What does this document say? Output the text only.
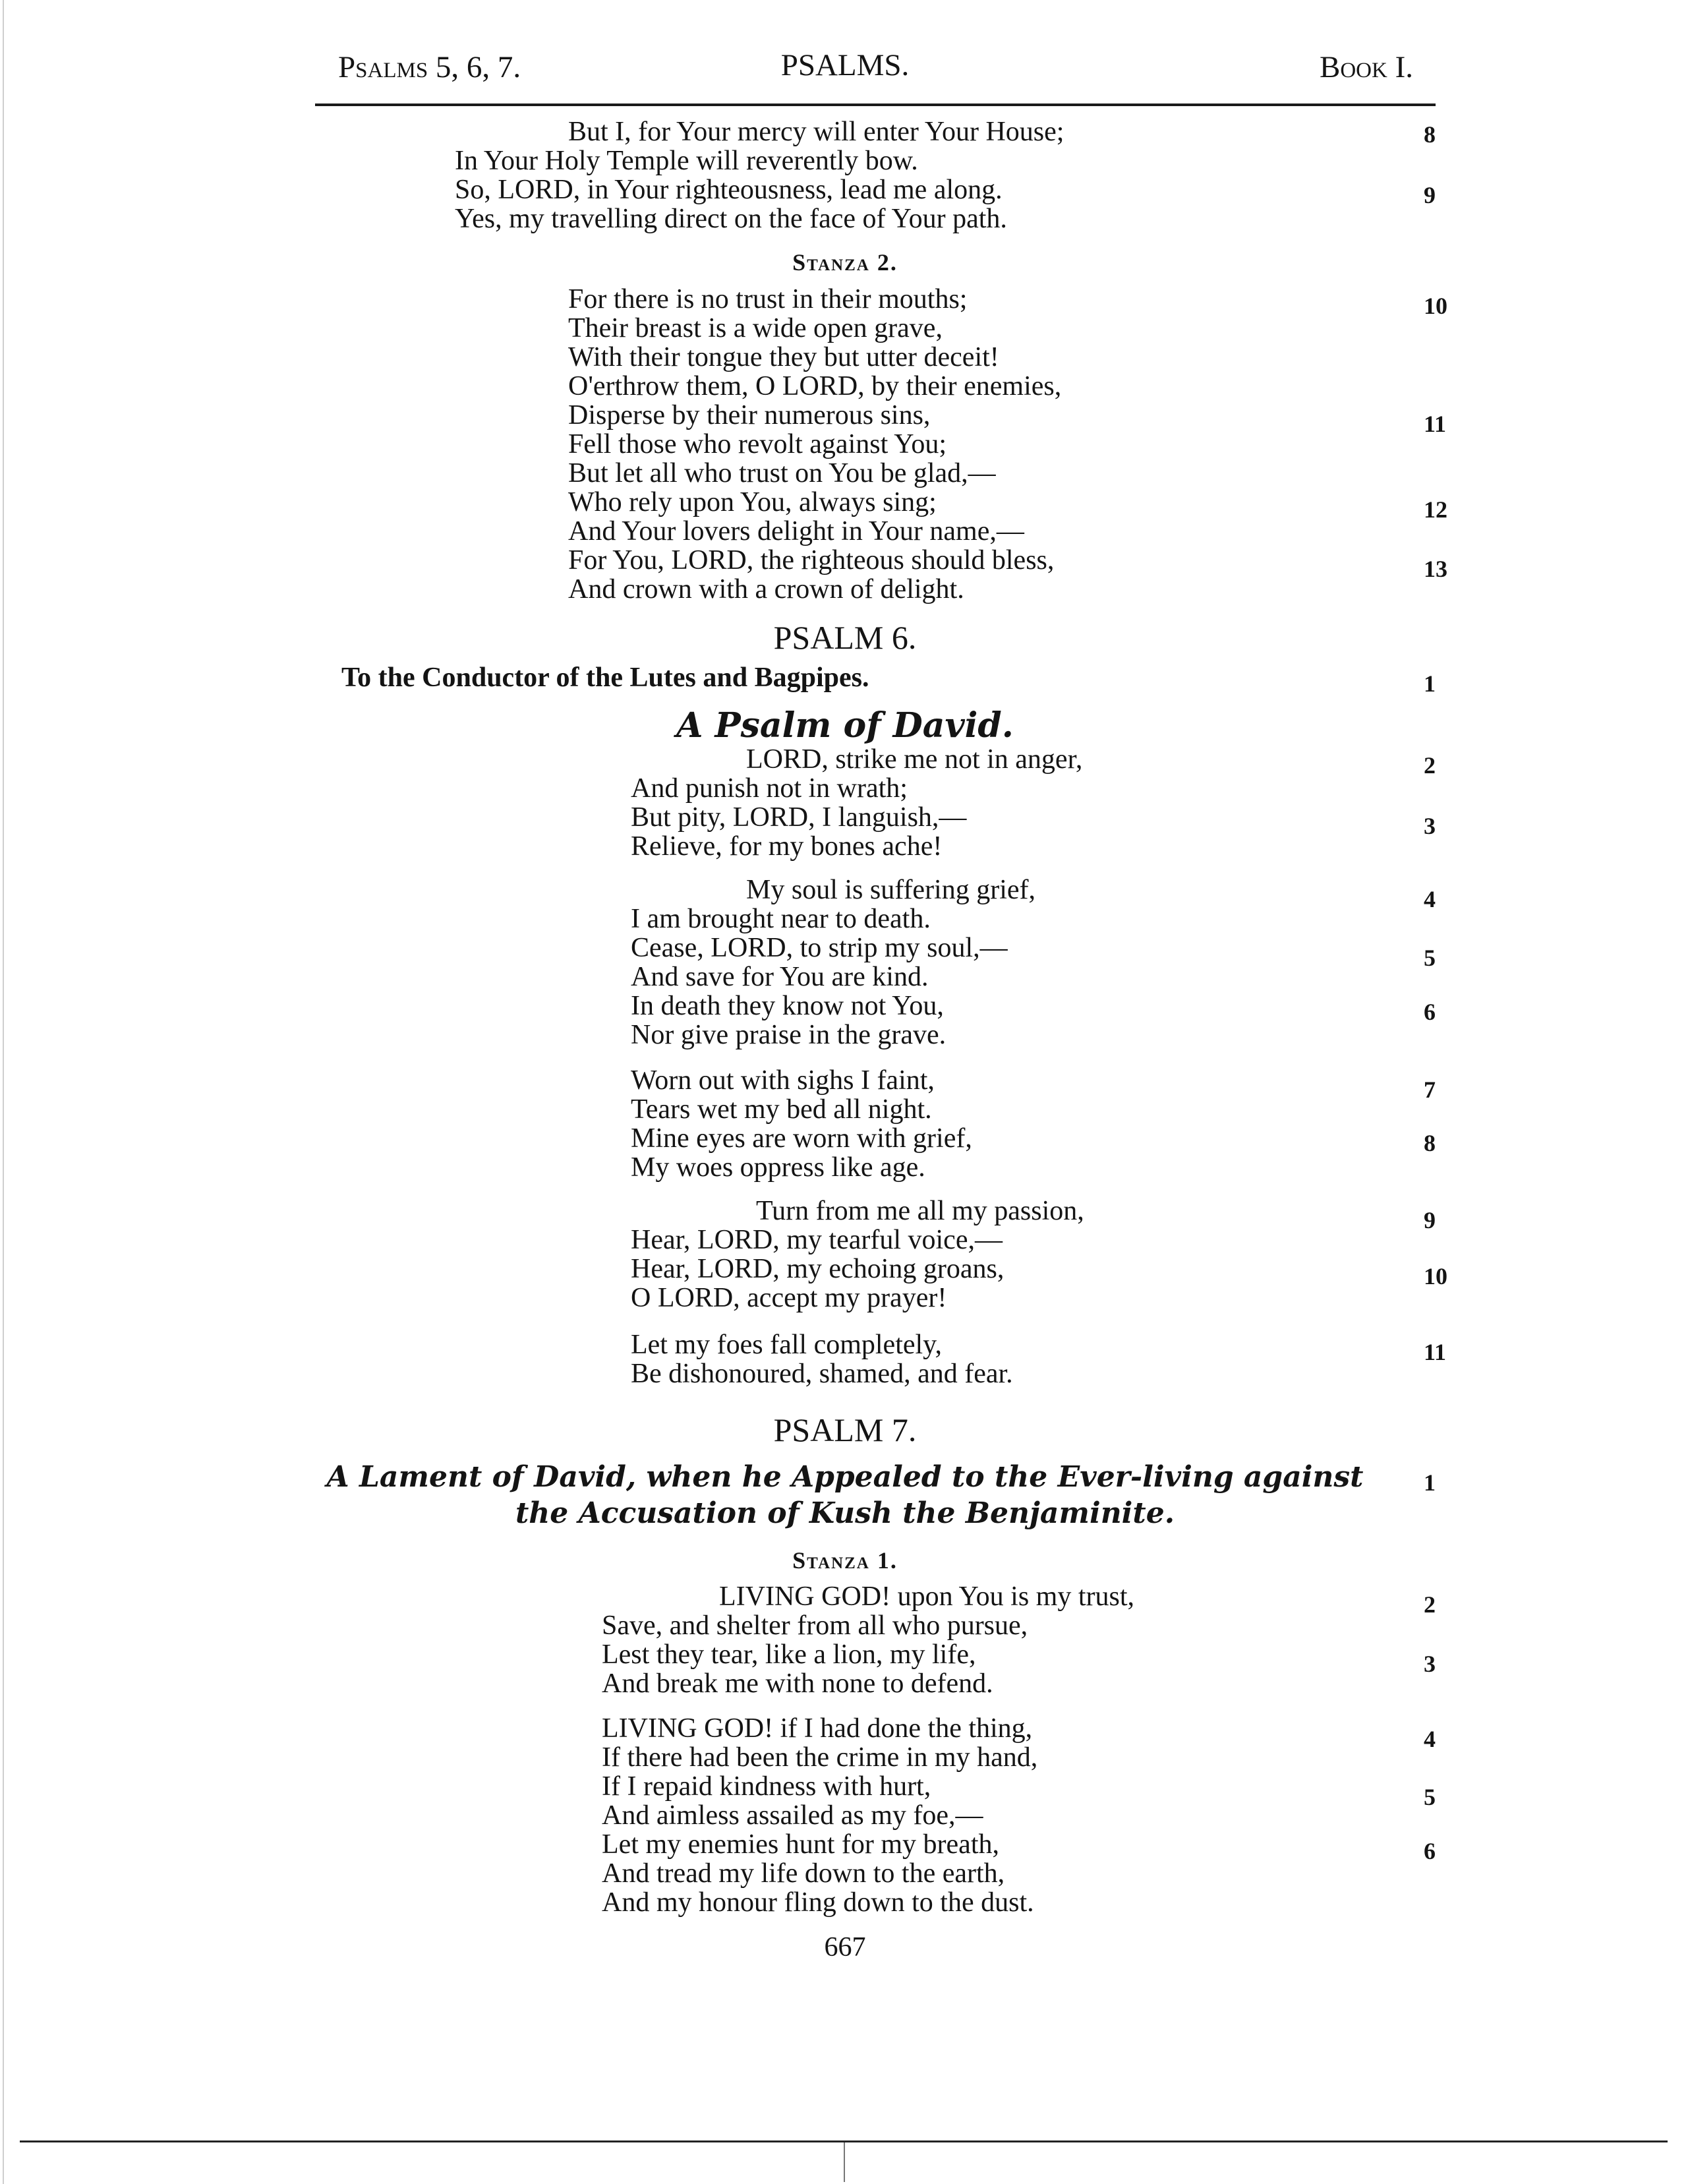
Psalms 5, 6, 7.	PSALMS.	Book I.
But I, for Your mercy will enter Your House;
In Your Holy Temple will reverently bow.
So, LORD, in Your righteousness, lead me along.
Yes, my travelling direct on the face of Your path.
8
9
Stanza 2.
For there is no trust in their mouths;
Their breast is a wide open grave,
With their tongue they but utter deceit!
O'erthrow them, O LORD, by their enemies,
Disperse by their numerous sins,
Fell those who revolt against You;
But let all who trust on You be glad,—
Who rely upon You, always sing;
And Your lovers delight in Your name,—
For You, LORD, the righteous should bless,
And crown with a crown of delight.
10
11
12
13
PSALM 6.
To the Conductor of the Lutes and Bagpipes.	1
A Psalm of David.
LORD, strike me not in anger,
And punish not in wrath;
But pity, LORD, I languish,—
Relieve, for my bones ache!
2
3
My soul is suffering grief,
I am brought near to death.
Cease, LORD, to strip my soul,—
And save for You are kind.
In death they know not You,
Nor give praise in the grave.
4
5
6
Worn out with sighs I faint,
Tears wet my bed all night.
Mine eyes are worn with grief,
My woes oppress like age.
7
8
Turn from me all my passion,
Hear, LORD, my tearful voice,—
Hear, LORD, my echoing groans,
O LORD, accept my prayer!
9
10
Let my foes fall completely,
Be dishonoured, shamed, and fear.
11
PSALM 7.
A Lament of David, when he Appealed to the Ever-living against
the Accusation of Kush the Benjaminite.
1
Stanza 1.
LIVING GOD! upon You is my trust,
Save, and shelter from all who pursue,
Lest they tear, like a lion, my life,
And break me with none to defend.
2
3
LIVING GOD! if I had done the thing,
If there had been the crime in my hand,
If I repaid kindness with hurt,
And aimless assailed as my foe,—
Let my enemies hunt for my breath,
And tread my life down to the earth,
And my honour fling down to the dust.
4
5
6
667
